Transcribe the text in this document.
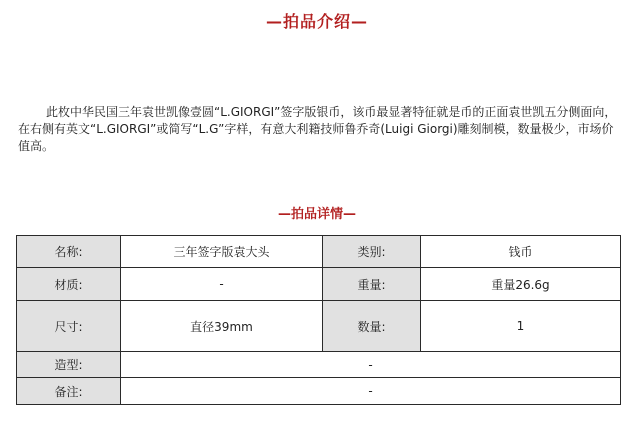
—拍品介绍—

此枚中华民国三年袁世凯像壹圆“L.GIORGI”签字版银币，该币最显著特征就是币的正面袁世凯五分侧面向，在右侧有英文“L.GIORGI”或简写“L.G”字样，有意大利籍技师鲁乔奇(Luigi Giorgi)雕刻制模，数量极少，市场价值高。

—拍品详情—
名称:	三年签字版袁大头	类别:	钱币
材质:	-	重量:	重量26.6g
尺寸:	直径39mm	数量:	1
造型:	-		
备注:	-		
